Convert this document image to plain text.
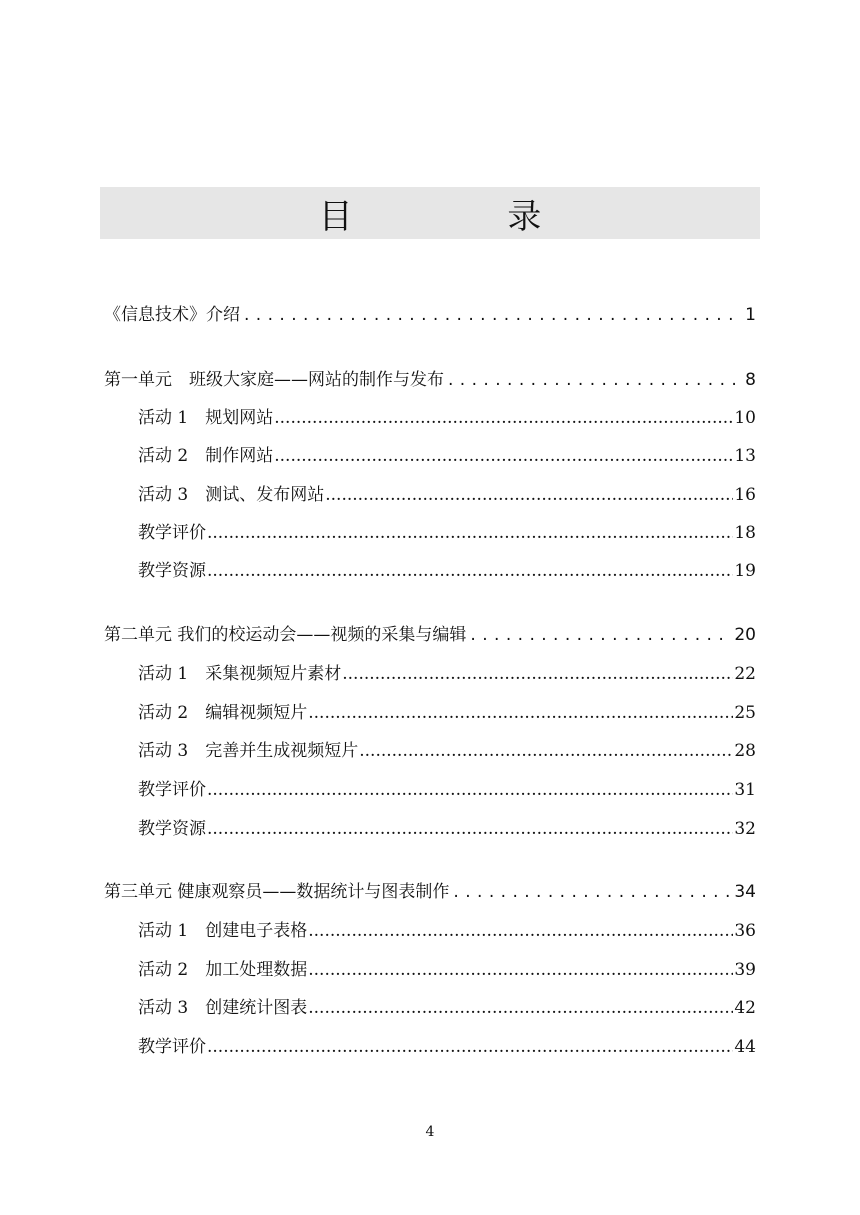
目 录
《信息技术》介绍 . . .	1
第一单元　班级大家庭——网站的制作与发布 . . .	8
活动 1　规划网站 .....	10
活动 2　制作网站 .....	13
活动 3　测试、发布网站 .....	16
教学评价 .....	18
教学资源 .....	19
第二单元 我们的校运动会——视频的采集与编辑 . . .	20
活动 1　采集视频短片素材 .....	22
活动 2　编辑视频短片 .....	25
活动 3　完善并生成视频短片 .....	28
教学评价 .....	31
教学资源 .....	32
第三单元 健康观察员——数据统计与图表制作 . . .	34
活动 1　创建电子表格 .....	36
活动 2　加工处理数据 .....	39
活动 3　创建统计图表 .....	42
教学评价 .....	44
4
